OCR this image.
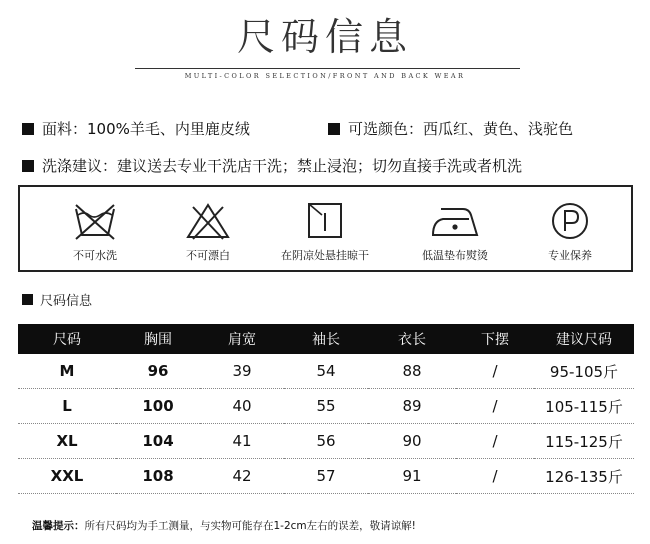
尺码信息
MULTI-COLOR SELECTION/FRONT AND BACK WEAR
面料：100%羊毛、内里鹿皮绒	可选颜色：西瓜红、黄色、浅驼色
洗涤建议：建议送去专业干洗店干洗；禁止浸泡；切勿直接手洗或者机洗
不可水洗	不可漂白	在阴凉处悬挂晾干	低温垫布熨烫	专业保养
尺码信息
尺码	胸围	肩宽	袖长	衣长	下摆	建议尺码
M	96	39	54	88	/	95-105斤
L	100	40	55	89	/	105-115斤
XL	104	41	56	90	/	115-125斤
XXL	108	42	57	91	/	126-135斤
温馨提示：所有尺码均为手工测量，与实物可能存在1-2cm左右的误差，敬请谅解!
